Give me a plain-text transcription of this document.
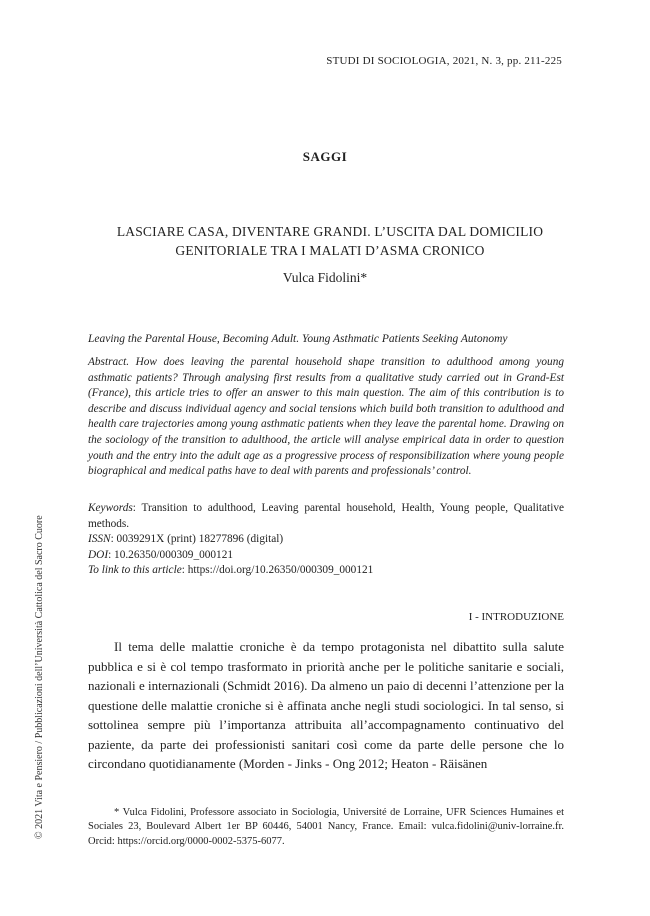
STUDI DI SOCIOLOGIA, 2021, N. 3, pp. 211-225
SAGGI
LASCIARE CASA, DIVENTARE GRANDI. L’USCITA DAL DOMICILIO
GENITORIALE TRA I MALATI D’ASMA CRONICO
Vulca Fidolini*
Leaving the Parental House, Becoming Adult. Young Asthmatic Patients Seeking Autonomy
Abstract. How does leaving the parental household shape transition to adulthood among young asthmatic patients? Through analysing first results from a qualitative study carried out in Grand-Est (France), this article tries to offer an answer to this main question. The aim of this contribution is to describe and discuss individual agency and social tensions which build both transition to adulthood and health care trajectories among young asthmatic patients when they leave the parental home. Drawing on the sociology of the transition to adulthood, the article will analyse empirical data in order to question youth and the entry into the adult age as a progressive process of responsibilization where young people biographical and medical paths have to deal with parents and professionals’ control.
Keywords: Transition to adulthood, Leaving parental household, Health, Young people, Qualitative methods.
ISSN: 0039291X (print) 18277896 (digital)
DOI: 10.26350/000309_000121
To link to this article: https://doi.org/10.26350/000309_000121
I - INTRODUZIONE

Il tema delle malattie croniche è da tempo protagonista nel dibattito sulla salute pubblica e si è col tempo trasformato in priorità anche per le politiche sanitarie e sociali, nazionali e internazionali (Schmidt 2016). Da almeno un paio di decenni l’attenzione per la questione delle malattie croniche si è affinata anche negli studi sociologici. In tal senso, si sottolinea sempre più l’importanza attribuita all’accompagnamento continuativo del paziente, da parte dei professionisti sanitari così come da parte delle persone che lo circondano quotidianamente (Morden - Jinks - Ong 2012; Heaton - Räisänen

* Vulca Fidolini, Professore associato in Sociologia, Université de Lorraine, UFR Sciences Humaines et Sociales 23, Boulevard Albert 1er BP 60446, 54001 Nancy, France. Email: vulca.fidolini@univ-lorraine.fr. Orcid: https://orcid.org/0000-0002-5375-6077.
© 2021 Vita e Pensiero / Pubblicazioni dell’Università Cattolica del Sacro Cuore
